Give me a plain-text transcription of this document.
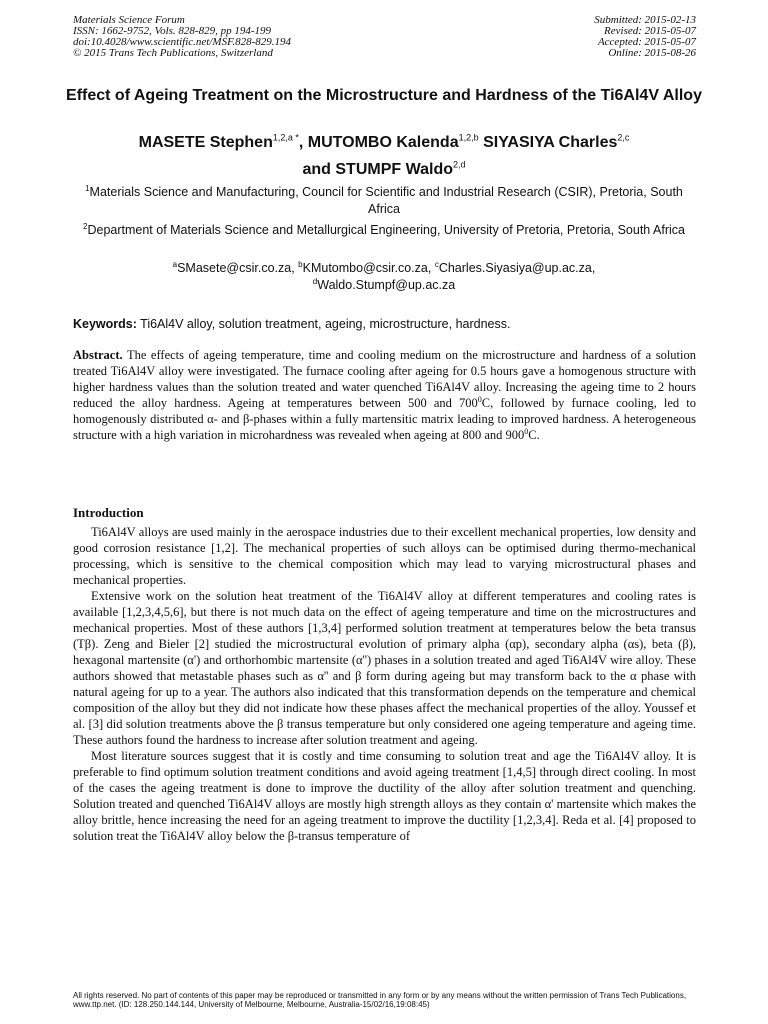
Materials Science Forum	Submitted: 2015-02-13
ISSN: 1662-9752, Vols. 828-829, pp 194-199	Revised: 2015-05-07
doi:10.4028/www.scientific.net/MSF.828-829.194	Accepted: 2015-05-07
© 2015 Trans Tech Publications, Switzerland	Online: 2015-08-26
Effect of Ageing Treatment on the Microstructure and Hardness of the Ti6Al4V Alloy
MASETE Stephen$^{1,2,a *}$, MUTOMBO Kalenda$^{1,2,b}$ SIYASIYA Charles$^{2,c}$
and STUMPF Waldo$^{2,d}$
$^1$Materials Science and Manufacturing, Council for Scientific and Industrial Research (CSIR), Pretoria, South Africa
$^2$Department of Materials Science and Metallurgical Engineering, University of Pretoria, Pretoria, South Africa
$^a$SMasete@csir.co.za, $^b$KMutombo@csir.co.za, $^c$Charles.Siyasiya@up.ac.za,
$^d$Waldo.Stumpf@up.ac.za
Keywords: Ti6Al4V alloy, solution treatment, ageing, microstructure, hardness.
Abstract. The effects of ageing temperature, time and cooling medium on the microstructure and hardness of a solution treated Ti6Al4V alloy were investigated. The furnace cooling after ageing for 0.5 hours gave a homogenous structure with higher hardness values than the solution treated and water quenched Ti6Al4V alloy. Increasing the ageing time to 2 hours reduced the alloy hardness. Ageing at temperatures between 500 and $700^0C$, followed by furnace cooling, led to homogenously distributed α- and β-phases within a fully martensitic matrix leading to improved hardness. A heterogeneous structure with a high variation in microhardness was revealed when ageing at 800 and $900^0C$.
Introduction
Ti6Al4V alloys are used mainly in the aerospace industries due to their excellent mechanical properties, low density and good corrosion resistance [1,2]. The mechanical properties of such alloys can be optimised during thermo-mechanical processing, which is sensitive to the chemical composition which may lead to varying microstructural phases and mechanical properties.
Extensive work on the solution heat treatment of the Ti6Al4V alloy at different temperatures and cooling rates is available [1,2,3,4,5,6], but there is not much data on the effect of ageing temperature and time on the microstructures and mechanical properties. Most of these authors [1,3,4] performed solution treatment at temperatures below the beta transus (Tβ). Zeng and Bieler [2] studied the microstructural evolution of primary alpha (αp), secondary alpha (αs), beta (β), hexagonal martensite (α') and orthorhombic martensite (α'') phases in a solution treated and aged Ti6Al4V wire alloy. These authors showed that metastable phases such as α'' and β form during ageing but may transform back to the α phase with natural ageing for up to a year. The authors also indicated that this transformation depends on the temperature and chemical composition of the alloy but they did not indicate how these phases affect the mechanical properties of the alloy. Youssef et al. [3] did solution treatments above the β transus temperature but only considered one ageing temperature and ageing time. These authors found the hardness to increase after solution treatment and ageing.
Most literature sources suggest that it is costly and time consuming to solution treat and age the Ti6Al4V alloy. It is preferable to find optimum solution treatment conditions and avoid ageing treatment [1,4,5] through direct cooling. In most of the cases the ageing treatment is done to improve the ductility of the alloy after solution treatment and quenching. Solution treated and quenched Ti6Al4V alloys are mostly high strength alloys as they contain α' martensite which makes the alloy brittle, hence increasing the need for an ageing treatment to improve the ductility [1,2,3,4]. Reda et al. [4] proposed to solution treat the Ti6Al4V alloy below the β-transus temperature of
All rights reserved. No part of contents of this paper may be reproduced or transmitted in any form or by any means without the written permission of Trans Tech Publications, www.ttp.net. (ID: 128.250.144.144, University of Melbourne, Melbourne, Australia-15/02/16,19:08:45)
